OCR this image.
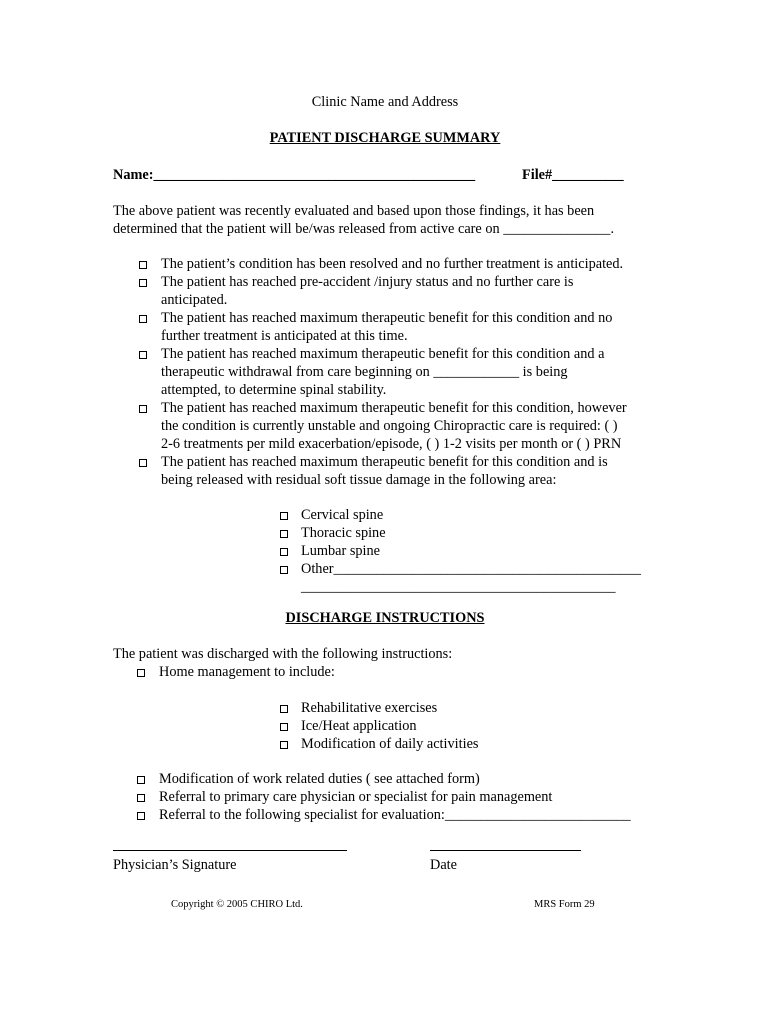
Clinic Name and Address
PATIENT DISCHARGE SUMMARY
Name:_____________________________________________	File#__________
The above patient was recently evaluated and based upon those findings, it has been
determined that the patient will be/was released from active care on _______________.
The patient’s condition has been resolved and no further treatment is anticipated.
The patient has reached pre-accident /injury status and no further care is
anticipated.
The patient has reached maximum therapeutic benefit for this condition and no
further treatment is anticipated at this time.
The patient has reached maximum therapeutic benefit for this condition and a
therapeutic withdrawal from care beginning on ____________ is being
attempted, to determine spinal stability.
The patient has reached maximum therapeutic benefit for this condition, however
the condition is currently unstable and ongoing Chiropractic care is required: ( )
2-6 treatments per mild exacerbation/episode, ( ) 1-2 visits per month or ( ) PRN
The patient has reached maximum therapeutic benefit for this condition and is
being released with residual soft tissue damage in the following area:
Cervical spine
Thoracic spine
Lumbar spine
Other___________________________________________
____________________________________________
DISCHARGE INSTRUCTIONS
The patient was discharged with the following instructions:
Home management to include:
Rehabilitative exercises
Ice/Heat application
Modification of daily activities
Modification of work related duties ( see attached form)
Referral to primary care physician or specialist for pain management
Referral to the following specialist for evaluation:__________________________
Physician’s Signature	Date
Copyright © 2005 CHIRO Ltd.	MRS Form 29
